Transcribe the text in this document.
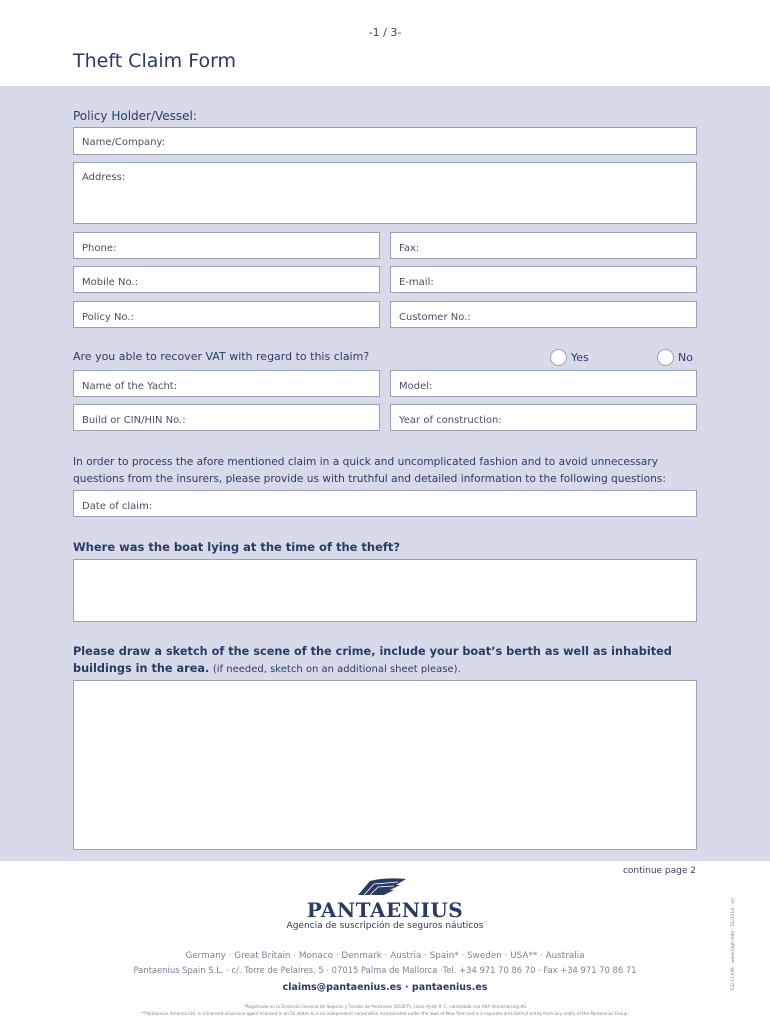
-1 / 3-
Theft Claim Form
Policy Holder/Vessel:
Name/Company:
Address:
Phone:	Fax:
Mobile No.:	E-mail:
Policy No.:	Customer No.:
Are you able to recover VAT with regard to this claim?	Yes	No
Name of the Yacht:	Model:
Build or CIN/HIN No.:	Year of construction:
In order to process the afore mentioned claim in a quick and uncomplicated fashion and to avoid unnecessary questions from the insurers, please provide us with truthful and detailed information to the following questions:
Date of claim:
Where was the boat lying at the time of the theft?
Please draw a sketch of the scene of the crime, include your boat’s berth as well as inhabited buildings in the area. (if needed, sketch on an additional sheet please).
continue page 2
PANTAENIUS
Agencia de suscripción de seguros náuticos
Germany · Great Britain · Monaco · Denmark · Austria · Spain* · Sweden · USA** · Australia
Pantaenius Spain S.L. · c/. Torre de Pelaires, 5 · 07015 Palma de Mallorca ·Tel. +34 971 70 86 70 · Fax +34 971 70 86 71
claims@pantaenius.es · pantaenius.es
*Registrada en la Dirección General de Seguros y Fondos de Pensiones (DGSFP), clave AJ-44 ® C, controlada con AXA Versicherung AG
**Pantaenius America Ltd. is a licensed insurance agent licensed in all 50 states & is an independent corporation incorporated under the laws of New York and is a separate and distinct entity from any entity of the Pantaenius Group.
ES/ CLAIM · www.high-tide · 01/2014 · en
